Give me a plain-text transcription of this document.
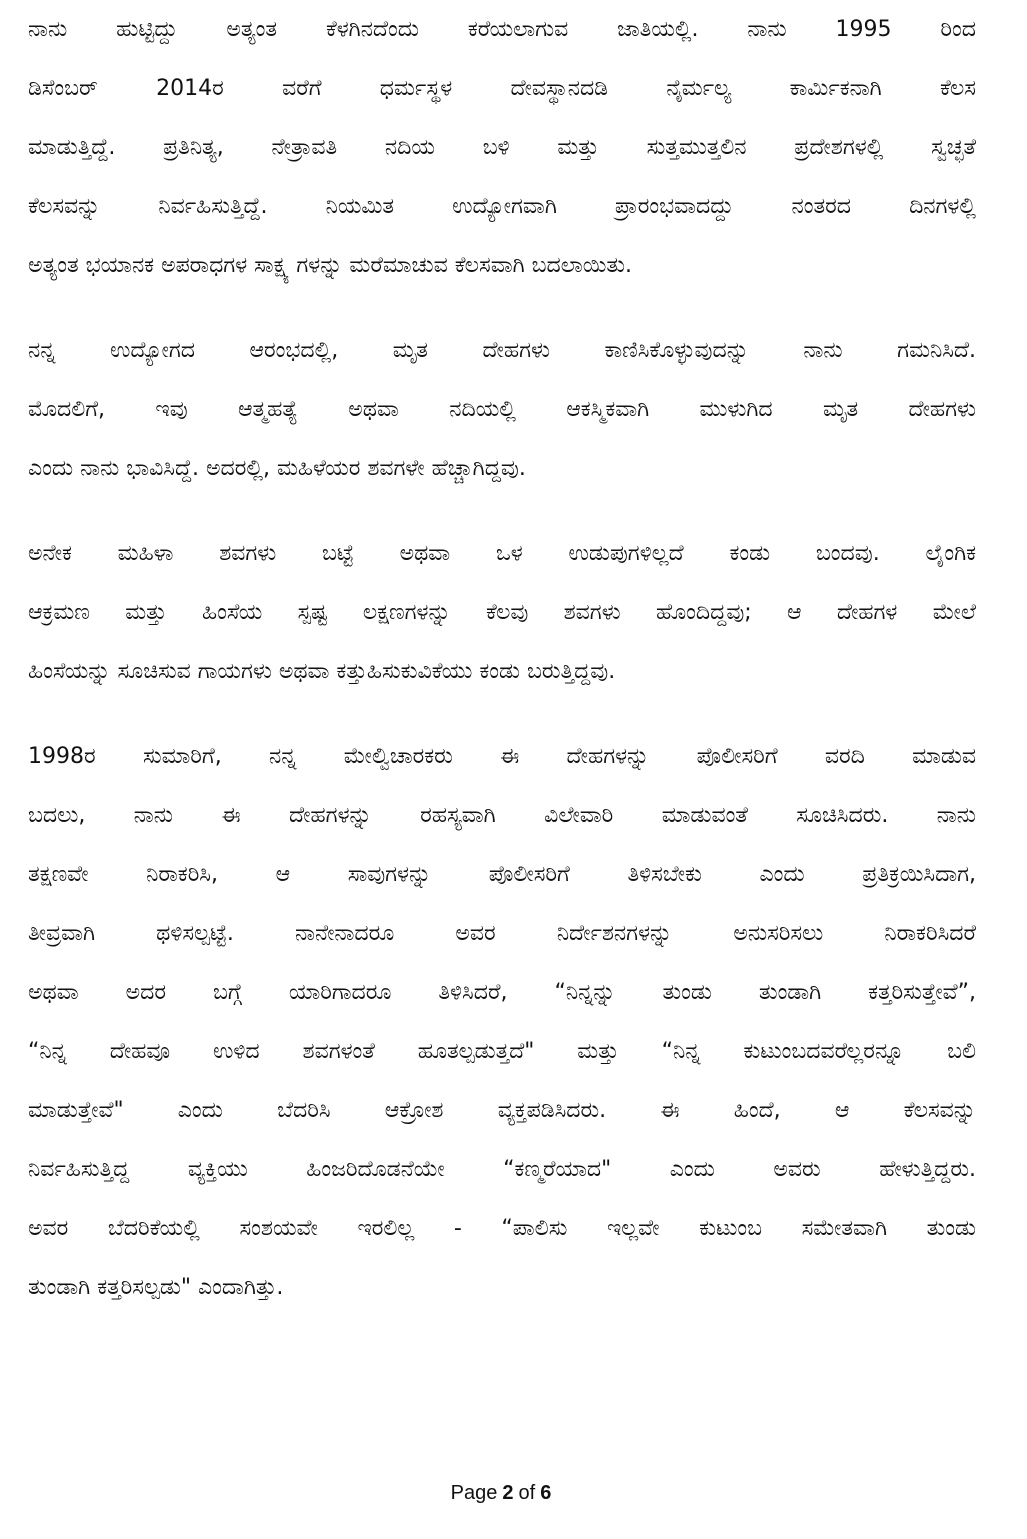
ನಾನು ಹುಟ್ಟಿದ್ದು ಅತ್ಯಂತ ಕೆಳಗಿನದೆಂದು ಕರೆಯಲಾಗುವ ಜಾತಿಯಲ್ಲಿ. ನಾನು 1995 ರಿಂದ
ಡಿಸೆಂಬರ್ 2014ರ ವರೆಗೆ ಧರ್ಮಸ್ಥಳ ದೇವಸ್ಥಾನದಡಿ ನೈರ್ಮಲ್ಯ ಕಾರ್ಮಿಕನಾಗಿ ಕೆಲಸ
ಮಾಡುತ್ತಿದ್ದೆ. ಪ್ರತಿನಿತ್ಯ, ನೇತ್ರಾವತಿ ನದಿಯ ಬಳಿ ಮತ್ತು ಸುತ್ತಮುತ್ತಲಿನ ಪ್ರದೇಶಗಳಲ್ಲಿ ಸ್ವಚ್ಛತೆ
ಕೆಲಸವನ್ನು ನಿರ್ವಹಿಸುತ್ತಿದ್ದೆ. ನಿಯಮಿತ ಉದ್ಯೋಗವಾಗಿ ಪ್ರಾರಂಭವಾದದ್ದು ನಂತರದ ದಿನಗಳಲ್ಲಿ
ಅತ್ಯಂತ ಭಯಾನಕ ಅಪರಾಧಗಳ ಸಾಕ್ಷ್ಯ ಗಳನ್ನು ಮರೆಮಾಚುವ ಕೆಲಸವಾಗಿ ಬದಲಾಯಿತು.
ನನ್ನ ಉದ್ಯೋಗದ ಆರಂಭದಲ್ಲಿ, ಮೃತ ದೇಹಗಳು ಕಾಣಿಸಿಕೊಳ್ಳುವುದನ್ನು ನಾನು ಗಮನಿಸಿದೆ.
ಮೊದಲಿಗೆ, ಇವು ಆತ್ಮಹತ್ಯೆ ಅಥವಾ ನದಿಯಲ್ಲಿ ಆಕಸ್ಮಿಕವಾಗಿ ಮುಳುಗಿದ ಮೃತ ದೇಹಗಳು
ಎಂದು ನಾನು ಭಾವಿಸಿದ್ದೆ. ಅದರಲ್ಲಿ, ಮಹಿಳೆಯರ ಶವಗಳೇ ಹೆಚ್ಚಾಗಿದ್ದವು.
ಅನೇಕ ಮಹಿಳಾ ಶವಗಳು ಬಟ್ಟೆ ಅಥವಾ ಒಳ ಉಡುಪುಗಳಿಲ್ಲದೆ ಕಂಡು ಬಂದವು. ಲೈಂಗಿಕ
ಆಕ್ರಮಣ ಮತ್ತು ಹಿಂಸೆಯ ಸ್ಪಷ್ಟ ಲಕ್ಷಣಗಳನ್ನು ಕೆಲವು ಶವಗಳು ಹೊಂದಿದ್ದವು; ಆ ದೇಹಗಳ ಮೇಲೆ
ಹಿಂಸೆಯನ್ನು ಸೂಚಿಸುವ ಗಾಯಗಳು ಅಥವಾ ಕತ್ತುಹಿಸುಕುವಿಕೆಯು ಕಂಡು ಬರುತ್ತಿದ್ದವು.
1998ರ ಸುಮಾರಿಗೆ, ನನ್ನ ಮೇಲ್ವಿಚಾರಕರು ಈ ದೇಹಗಳನ್ನು ಪೊಲೀಸರಿಗೆ ವರದಿ ಮಾಡುವ
ಬದಲು, ನಾನು ಈ ದೇಹಗಳನ್ನು ರಹಸ್ಯವಾಗಿ ವಿಲೇವಾರಿ ಮಾಡುವಂತೆ ಸೂಚಿಸಿದರು. ನಾನು
ತಕ್ಷಣವೇ ನಿರಾಕರಿಸಿ, ಆ ಸಾವುಗಳನ್ನು ಪೊಲೀಸರಿಗೆ ತಿಳಿಸಬೇಕು ಎಂದು ಪ್ರತಿಕ್ರಯಿಸಿದಾಗ,
ತೀವ್ರವಾಗಿ ಥಳಿಸಲ್ಪಟ್ಟೆ. ನಾನೇನಾದರೂ ಅವರ ನಿರ್ದೇಶನಗಳನ್ನು ಅನುಸರಿಸಲು ನಿರಾಕರಿಸಿದರೆ
ಅಥವಾ ಅದರ ಬಗ್ಗೆ ಯಾರಿಗಾದರೂ ತಿಳಿಸಿದರೆ, “ನಿನ್ನನ್ನು ತುಂಡು ತುಂಡಾಗಿ ಕತ್ತರಿಸುತ್ತೇವೆ”,
“ನಿನ್ನ ದೇಹವೂ ಉಳಿದ ಶವಗಳಂತೆ ಹೂತಲ್ಪಡುತ್ತದೆ" ಮತ್ತು “ನಿನ್ನ ಕುಟುಂಬದವರೆಲ್ಲರನ್ನೂ ಬಲಿ
ಮಾಡುತ್ತೇವೆ" ಎಂದು ಬೆದರಿಸಿ ಆಕ್ರೋಶ ವ್ಯಕ್ತಪಡಿಸಿದರು. ಈ ಹಿಂದೆ, ಆ ಕೆಲಸವನ್ನು
ನಿರ್ವಹಿಸುತ್ತಿದ್ದ ವ್ಯಕ್ತಿಯು ಹಿಂಜರಿದೊಡನೆಯೇ “ಕಣ್ಮರೆಯಾದ" ಎಂದು ಅವರು ಹೇಳುತ್ತಿದ್ದರು.
ಅವರ ಬೆದರಿಕೆಯಲ್ಲಿ ಸಂಶಯವೇ ಇರಲಿಲ್ಲ - “ಪಾಲಿಸು ಇಲ್ಲವೇ ಕುಟುಂಬ ಸಮೇತವಾಗಿ ತುಂಡು
ತುಂಡಾಗಿ ಕತ್ತರಿಸಲ್ಪಡು" ಎಂದಾಗಿತ್ತು.
Page 2 of 6
